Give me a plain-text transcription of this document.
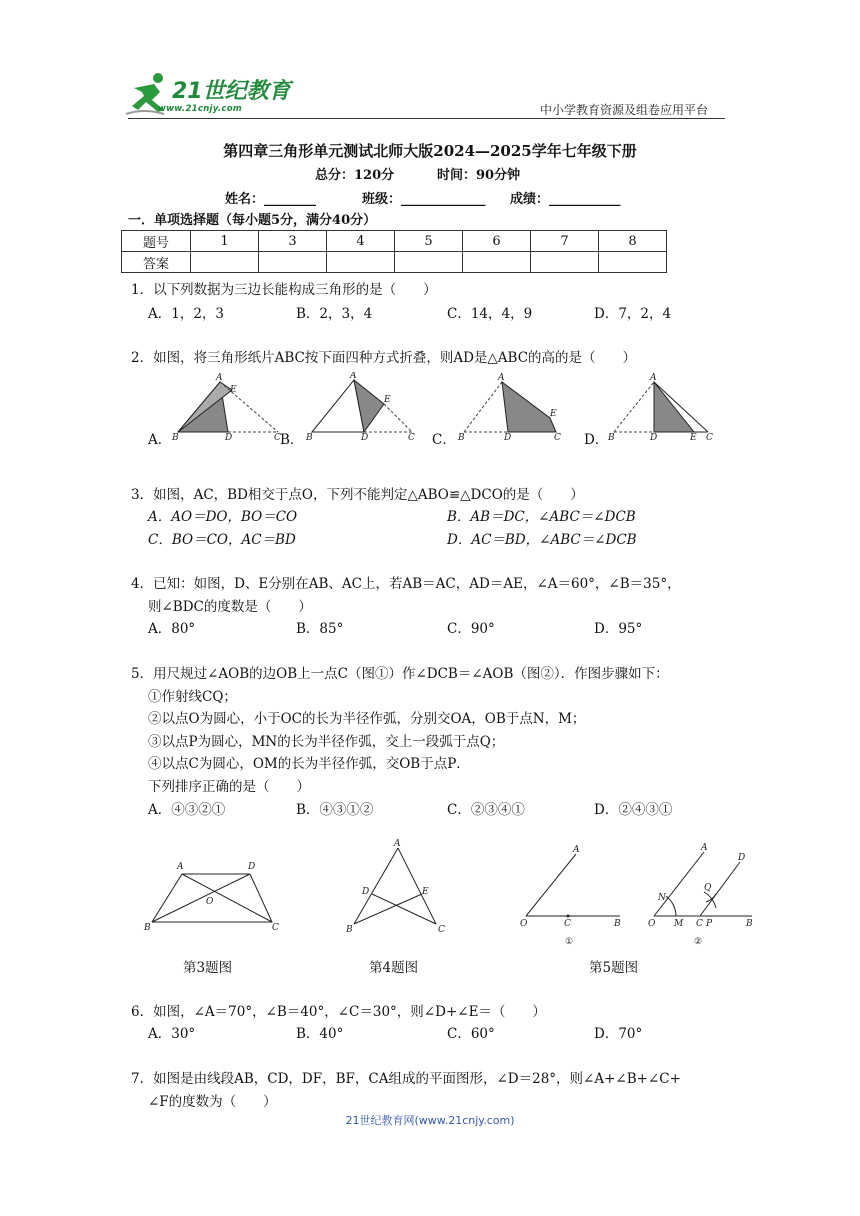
21世纪教育
www.21cnjy.com	中小学教育资源及组卷应用平台
第四章三角形单元测试北师大版2024—2025学年七年级下册
总分：120分	时间：90分钟
姓名：________	班级：_____________ 成绩：___________
一．单项选择题（每小题5分，满分40分）
题号	1	3	4	5	6	7	8
答案							
1．以下列数据为三边长能构成三角形的是（　　）
A．1，2，3	B．2，3，4	C．14，4，9	D．7，2，4
2．如图，将三角形纸片ABC按下面四种方式折叠，则AD是△ABC的高的是（　　）
A．	B．	C．	D．
A
E
B	D	C
A
E
B	D	C
A
E
B	D	C
A
B	D	E C
3．如图，AC，BD相交于点O，下列不能判定△ABO≌△DCO的是（　　）
A．AO＝DO，BO＝CO	B．AB＝DC，∠ABC＝∠DCB
C．BO＝CO，AC＝BD	D．AC＝BD，∠ABC＝∠DCB
4．已知：如图，D、E分别在AB、AC上，若AB＝AC，AD＝AE，∠A＝60°，∠B＝35°，
则∠BDC的度数是（　　）
A．80°	B．85°	C．90°	D．95°
5．用尺规过∠AOB的边OB上一点C（图①）作∠DCB＝∠AOB（图②）．作图步骤如下：
①作射线CQ；
②以点O为圆心，小于OC的长为半径作弧，分别交OA，OB于点N，M；
③以点P为圆心，MN的长为半径作弧，交上一段弧于点Q；
④以点C为圆心，OM的长为半径作弧，交OB于点P．
下列排序正确的是（　　）
A．④③②①	B．④③①②	C．②③④①	D．②④③①
A	D
B	C
O
A
D	E
B	C
A
O	C	B
①
A
D
N
Q
O M C P	B
②
第3题图	第4题图	第5题图
6．如图，∠A＝70°，∠B＝40°，∠C＝30°，则∠D+∠E＝（　　）
A．30°	B．40°	C．60°	D．70°
7．如图是由线段AB，CD，DF，BF，CA组成的平面图形，∠D＝28°，则∠A+∠B+∠C+
∠F的度数为（　　）
21世纪教育网(www.21cnjy.com)
